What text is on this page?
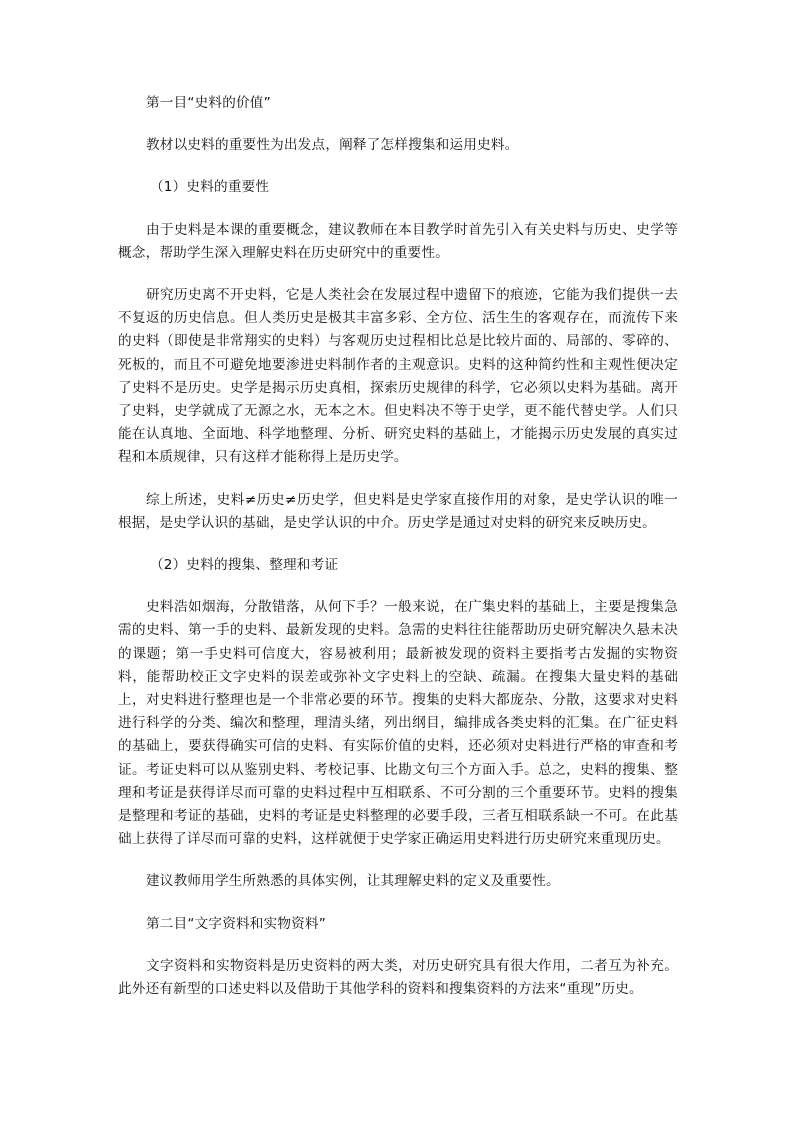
第一目“史料的价值”

教材以史料的重要性为出发点，阐释了怎样搜集和运用史料。

（1）史料的重要性

由于史料是本课的重要概念，建议教师在本目教学时首先引入有关史料与历史、史学等概念，帮助学生深入理解史料在历史研究中的重要性。

研究历史离不开史料，它是人类社会在发展过程中遗留下的痕迹，它能为我们提供一去不复返的历史信息。但人类历史是极其丰富多彩、全方位、活生生的客观存在，而流传下来的史料（即使是非常翔实的史料）与客观历史过程相比总是比较片面的、局部的、零碎的、死板的，而且不可避免地要渗进史料制作者的主观意识。史料的这种简约性和主观性便决定了史料不是历史。史学是揭示历史真相，探索历史规律的科学，它必须以史料为基础。离开了史料，史学就成了无源之水，无本之木。但史料决不等于史学，更不能代替史学。人们只能在认真地、全面地、科学地整理、分析、研究史料的基础上，才能揭示历史发展的真实过程和本质规律，只有这样才能称得上是历史学。

综上所述，史料≠历史≠历史学，但史料是史学家直接作用的对象，是史学认识的唯一根据，是史学认识的基础，是史学认识的中介。历史学是通过对史料的研究来反映历史。

（2）史料的搜集、整理和考证

史料浩如烟海，分散错落，从何下手？一般来说，在广集史料的基础上，主要是搜集急需的史料、第一手的史料、最新发现的史料。急需的史料往往能帮助历史研究解决久悬未决的课题；第一手史料可信度大，容易被利用；最新被发现的资料主要指考古发掘的实物资料，能帮助校正文字史料的误差或弥补文字史料上的空缺、疏漏。在搜集大量史料的基础上，对史料进行整理也是一个非常必要的环节。搜集的史料大都庞杂、分散，这要求对史料进行科学的分类、编次和整理，理清头绪，列出纲目，编排成各类史料的汇集。在广征史料的基础上，要获得确实可信的史料、有实际价值的史料，还必须对史料进行严格的审查和考证。考证史料可以从鉴别史料、考校记事、比勘文句三个方面入手。总之，史料的搜集、整理和考证是获得详尽而可靠的史料过程中互相联系、不可分割的三个重要环节。史料的搜集是整理和考证的基础，史料的考证是史料整理的必要手段，三者互相联系缺一不可。在此基础上获得了详尽而可靠的史料，这样就便于史学家正确运用史料进行历史研究来重现历史。

建议教师用学生所熟悉的具体实例，让其理解史料的定义及重要性。

第二目“文字资料和实物资料”

文字资料和实物资料是历史资料的两大类，对历史研究具有很大作用，二者互为补充。此外还有新型的口述史料以及借助于其他学科的资料和搜集资料的方法来“重现”历史。
